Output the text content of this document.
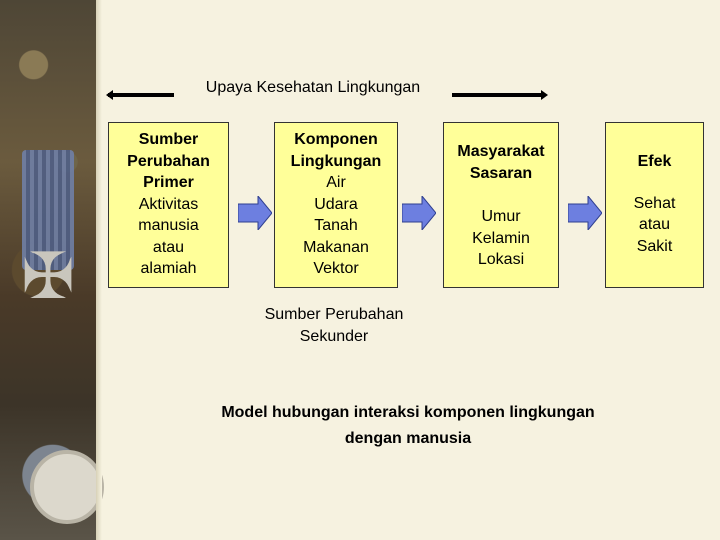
✠
Upaya Kesehatan Lingkungan
Sumber
Perubahan
Primer
Aktivitas
manusia
atau
alamiah
Komponen
Lingkungan
Air
Udara
Tanah
Makanan
Vektor
Masyarakat
Sasaran
Umur
Kelamin
Lokasi
Efek
Sehat
atau
Sakit
Sumber Perubahan
Sekunder
Model hubungan interaksi komponen lingkungan
dengan manusia
